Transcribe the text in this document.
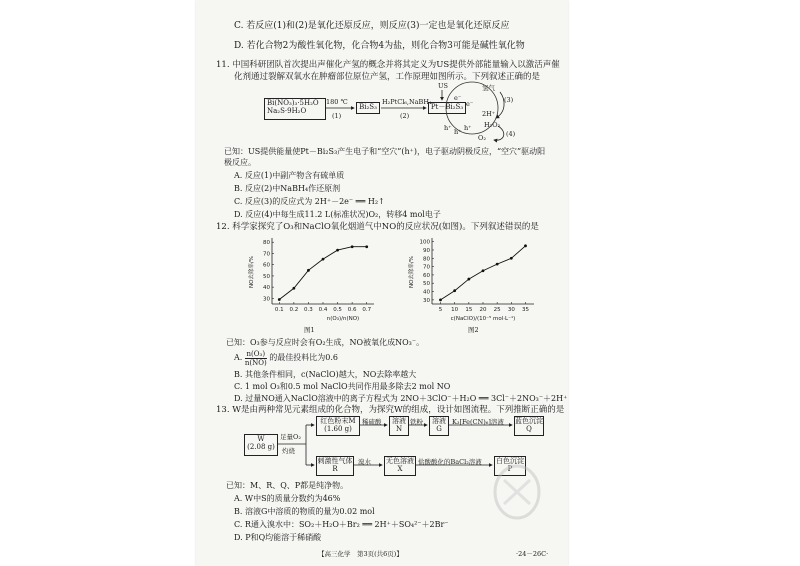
C. 若反应(1)和(2)是氧化还原反应，则反应(3)一定也是氧化还原反应
D. 若化合物2为酸性氧化物，化合物4为盐，则化合物3可能是碱性氧化物
11. 中国科研团队首次提出声催化产氢的概念并将其定义为US提供外部能量输入以激活声催
化剂通过裂解双氧水在肿瘤部位原位产氢，工作原理如图所示。下列叙述正确的是
Bi(NO₃)₃·5H₂O
Na₂S·9H₂O
180 ℃
(1)
Bi₂S₃
H₂PtCl₆,NaBH₄
(2)
Pt－Bi₂S₃
US	氢气
(3)
2H⁺
H₂O₂
(4)
O₂
e⁻
e⁻
h⁺ h⁺ h⁺
已知：US提供能量使Pt－Bi₂S₃产生电子和“空穴”(h⁺)，电子驱动阴极反应，“空穴”驱动阳
极反应。
A. 反应(1)中副产物含有硫单质
B. 反应(2)中NaBH₄作还原剂
C. 反应(3)的反应式为 2H⁺－2e⁻ ══ H₂↑
D. 反应(4)中每生成11.2 L(标准状况)O₂，转移4 mol电子
12. 科学家探究了O₃和NaClO氧化烟道气中NO的反应状况(如图)。下列叙述错误的是
30
40
50
60
70
80
0.1 0.2 0.3 0.4 0.5 0.6 0.7
NO去除率/%
n(O₃)/n(NO)
30
40
50
60
70
80
90
100
5 10 15 20 25 30 35
NO去除率/%
c(NaClO)/(10⁻⁵ mol·L⁻¹)
图1	图2
已知：O₃参与反应时会有O₂生成，NO被氧化成NO₃⁻。
A. $\frac{\text{n(O₃)}}{n(NO)}$ 的最佳投料比为0.6
B. 其他条件相同，c(NaClO)越大，NO去除率越大
C. 1 mol O₃和0.5 mol NaClO共同作用最多除去2 mol NO
D. 过量NO通入NaClO溶液中的离子方程式为 2NO＋3ClO⁻＋H₂O ══ 3Cl⁻＋2NO₃⁻＋2H⁺
13. W是由两种常见元素组成的化合物，为探究W的组成，设计如图流程。下列推断正确的是
W
(2.08 g)
足量O₂
灼烧
红色粉末M
(1.60 g)
稀硫酸 溶液
N
铁粉 溶液
G
K₃[Fe(CN)₆]溶液 蓝色沉淀
Q
刺激性气体
R
溴水 无色溶液
X
盐酸酸化的BaCl₂溶液 白色沉淀
P
已知：M、R、Q、P都是纯净物。
A. W中S的质量分数约为46%
B. 溶液G中溶质的物质的量为0.02 mol
C. R通入溴水中：SO₂＋H₂O＋Br₂ ══ 2H⁺＋SO₄²⁻＋2Br⁻
D. P和Q均能溶于稀硝酸
【高三化学　第3页(共6页)】	·24－26C·
